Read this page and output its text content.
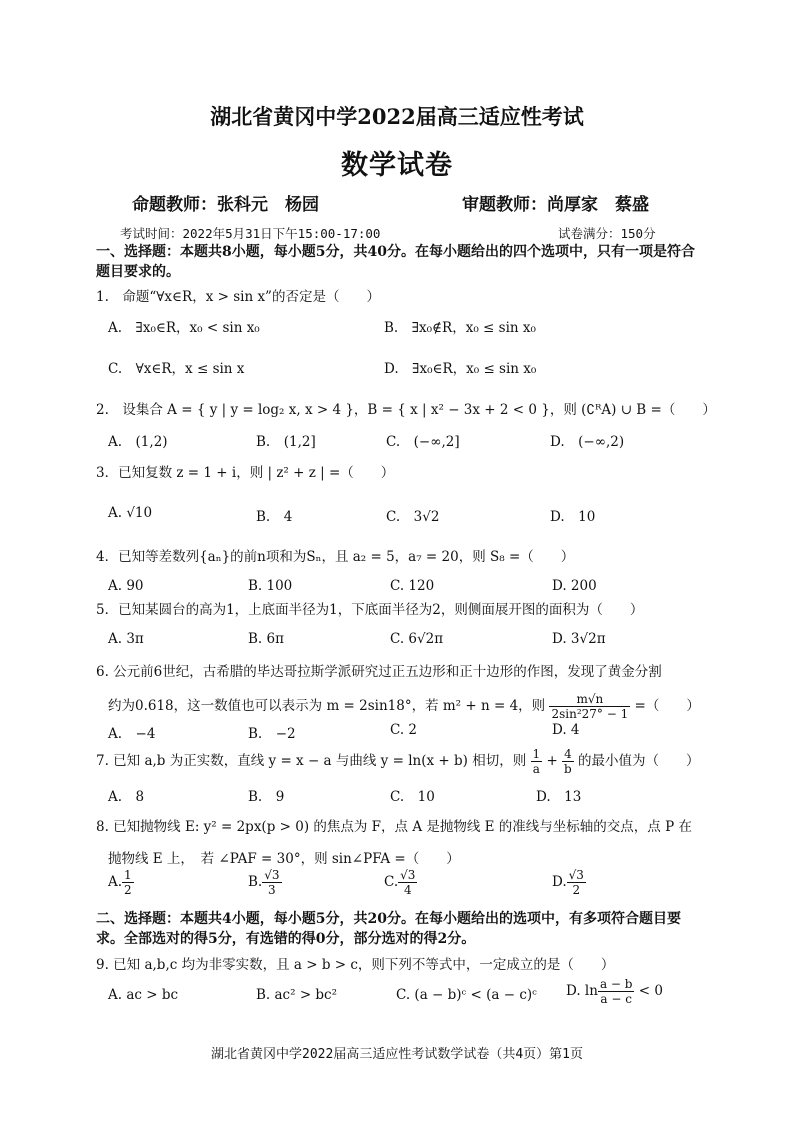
湖北省黄冈中学2022届高三适应性考试
数学试卷
命题教师：张科元　杨园	审题教师：尚厚家　蔡盛
考试时间：2022年5月31日下午15:00-17:00	试卷满分：150分
一、选择题：本题共8小题，每小题5分，共40分。在每小题给出的四个选项中，只有一项是符合题目要求的。
1.　命题“∀x∈R，x > sin x”的否定是（　　）
A.　∃x₀∈R，x₀ < sin x₀	B.　∃x₀∉R，x₀ ≤ sin x₀
C.　∀x∈R，x ≤ sin x	D.　∃x₀∈R，x₀ ≤ sin x₀
2.　设集合 A = { y | y = log₂ x, x > 4 }，B = { x | x² − 3x + 2 < 0 }，则 (∁ᴿA) ∪ B =（　　）
A.　(1,2)	B.　(1,2]	C.　(−∞,2]	D.　(−∞,2)
3．已知复数 z = 1 + i，则 | z² + z | =（　　）
A. √10	B.　4	C.　3√2	D.　10
4．已知等差数列{aₙ}的前n项和为Sₙ，且 a₂ = 5，a₇ = 20，则 S₈ =（　　）
A. 90	B. 100	C. 120	D. 200
5．已知某圆台的高为1，上底面半径为1，下底面半径为2，则侧面展开图的面积为（　　）
A. 3π	B. 6π	C. 6√2π	D. 3√2π
6. 公元前6世纪，古希腊的毕达哥拉斯学派研究过正五边形和正十边形的作图，发现了黄金分割
约为0.618，这一数值也可以表示为 m = 2sin18°，若 m² + n = 4，则 $\frac{m√n}{\text{2sin²27° − 1}}$ =（　　）
A.　−4	B.　−2	C. 2	D. 4
7. 已知 a,b 为正实数，直线 y = x − a 与曲线 y = ln(x + b) 相切，则 $\frac{1}{a} + \frac{4}{b}$ 的最小值为（　　）
A.　8	B.　9	C.　10	D.　13
8. 已知抛物线 E: y² = 2px(p > 0) 的焦点为 F，点 A 是抛物线 E 的准线与坐标轴的交点，点 P 在
抛物线 E 上，　若 ∠PAF = 30°，则 sin∠PFA =（　　）
A. $\frac{1}{2}$	B. $\frac{√3}{3}$	C. $\frac{√3}{4}$	D. $\frac{√3}{2}$
二、选择题：本题共4小题，每小题5分，共20分。在每小题给出的选项中，有多项符合题目要求。全部选对的得5分，有选错的得0分，部分选对的得2分。
9. 已知 a,b,c 均为非零实数，且 a > b > c，则下列不等式中，一定成立的是（　　）
A. ac > bc	B. ac² > bc²	C. (a − b)ᶜ < (a − c)ᶜ D. $\ln \frac{a - b}{a - c} < 0$
湖北省黄冈中学2022届高三适应性考试数学试卷（共4页）第1页
